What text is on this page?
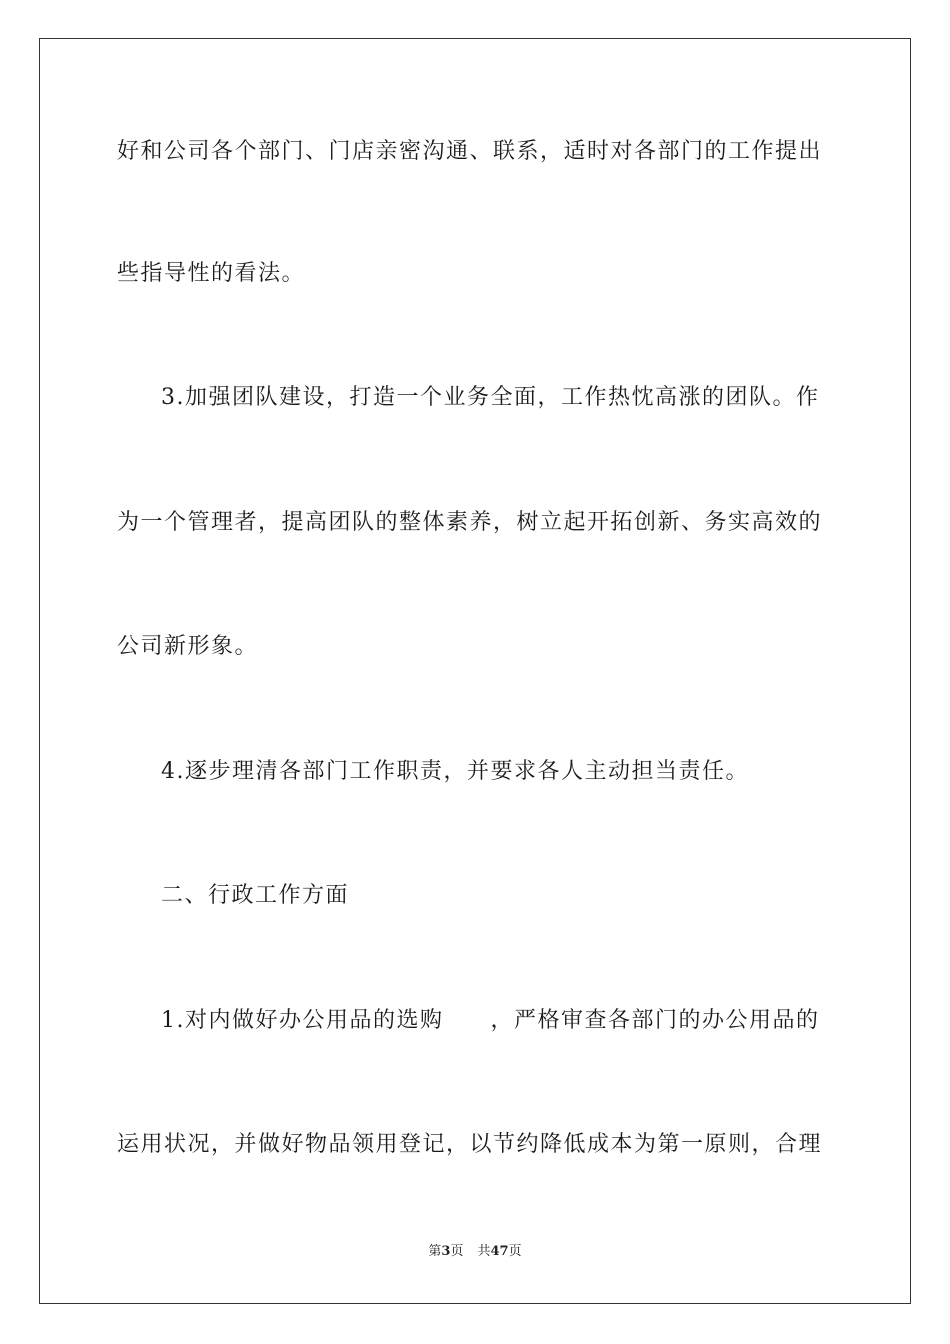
好和公司各个部门、门店亲密沟通、联系，适时对各部门的工作提出
些指导性的看法。
3.加强团队建设，打造一个业务全面，工作热忱高涨的团队。作
为一个管理者，提高团队的整体素养，树立起开拓创新、务实高效的
公司新形象。
4.逐步理清各部门工作职责，并要求各人主动担当责任。
二、行政工作方面
1.对内做好办公用品的选购　　，严格审查各部门的办公用品的
运用状况，并做好物品领用登记，以节约降低成本为第一原则，合理
第3页 共47页
